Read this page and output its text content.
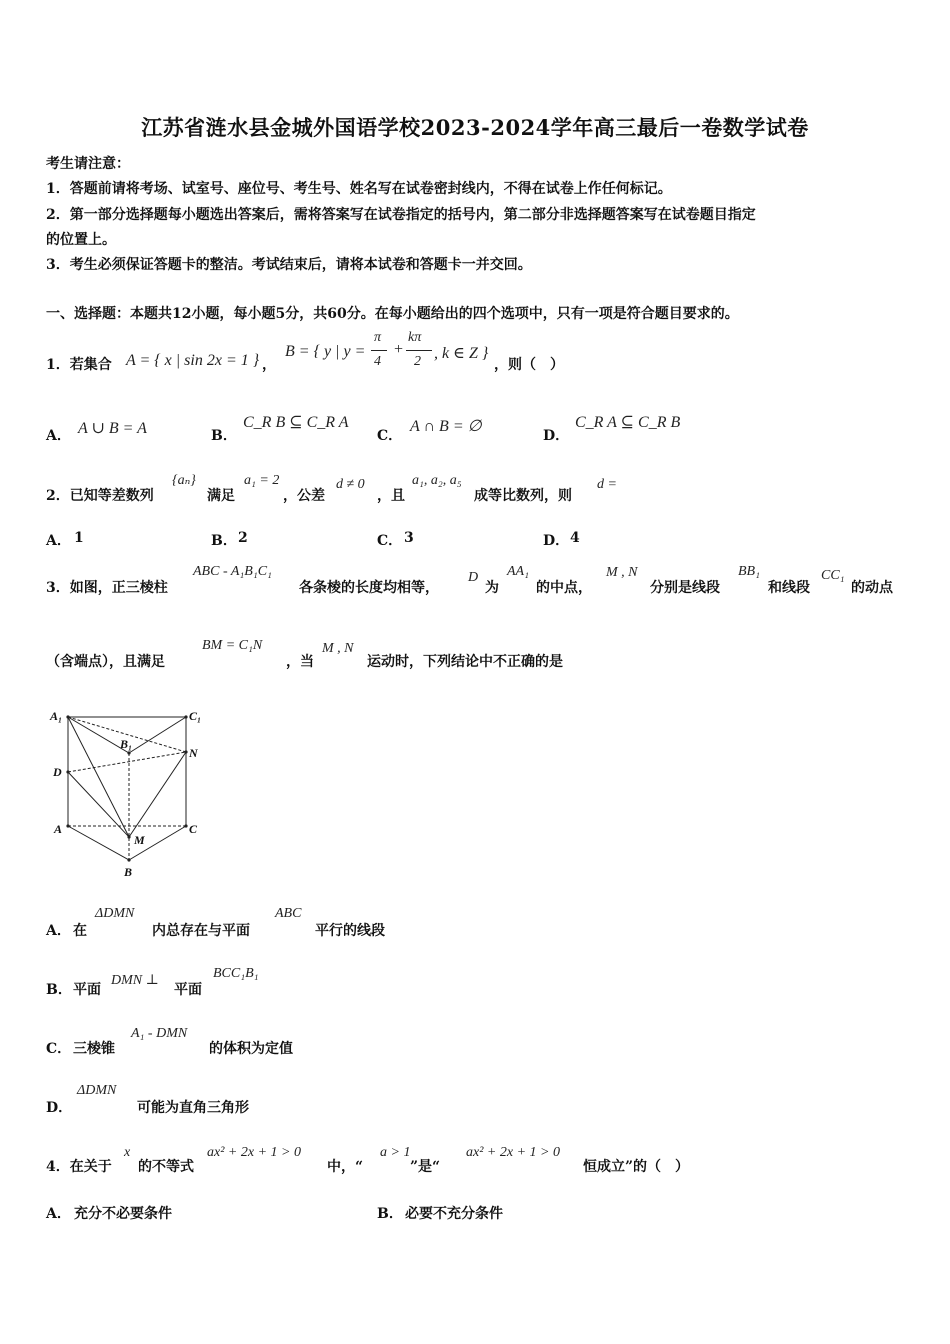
江苏省涟水县金城外国语学校2023-2024学年高三最后一卷数学试卷
考生请注意：
1．答题前请将考场、试室号、座位号、考生号、姓名写在试卷密封线内，不得在试卷上作任何标记。
2．第一部分选择题每小题选出答案后，需将答案写在试卷指定的括号内，第二部分非选择题答案写在试卷题目指定
的位置上。
3．考生必须保证答题卡的整洁。考试结束后，请将本试卷和答题卡一并交回。
一、选择题：本题共12小题，每小题5分，共60分。在每小题给出的四个选项中，只有一项是符合题目要求的。
1．若集合 A = { x | sin 2x = 1 } ，
B = { y | y =
π
4
+
kπ
2 , k ∈ Z }
，则（　）
A． A ∪ B = A	B．
C_R B ⊆ C_R A
C．
A ∩ B = ∅
D．
C_R A ⊆ C_R B
2．已知等差数列
{aₙ}
满足
a₁ = 2
，公差
d ≠ 0
，且
a₁, a₂, a₅
成等比数列，则
d =
A． 1	B． 2	C． 3	D． 4
3．如图，正三棱柱
ABC - A₁B₁C₁
各条棱的长度均相等，
D
为
AA₁
的中点，
M , N
分别是线段
BB₁
和线段
CC₁
的动点
（含端点），且满足
BM = C₁N
，当
M , N
运动时，下列结论中不正确的是
A₁	C₁
B₁
N
D
A	C
M
B
A． 在
ΔDMN
内总存在与平面
ABC
平行的线段
B． 平面
DMN ⊥
平面
BCC₁B₁
C． 三棱锥
A₁ - DMN
的体积为定值
D．
ΔDMN
可能为直角三角形
4．在关于
x
的不等式
ax² + 2x + 1 > 0
中，“
a > 1
”是“
ax² + 2x + 1 > 0
恒成立”的（　）
A． 充分不必要条件	B． 必要不充分条件
